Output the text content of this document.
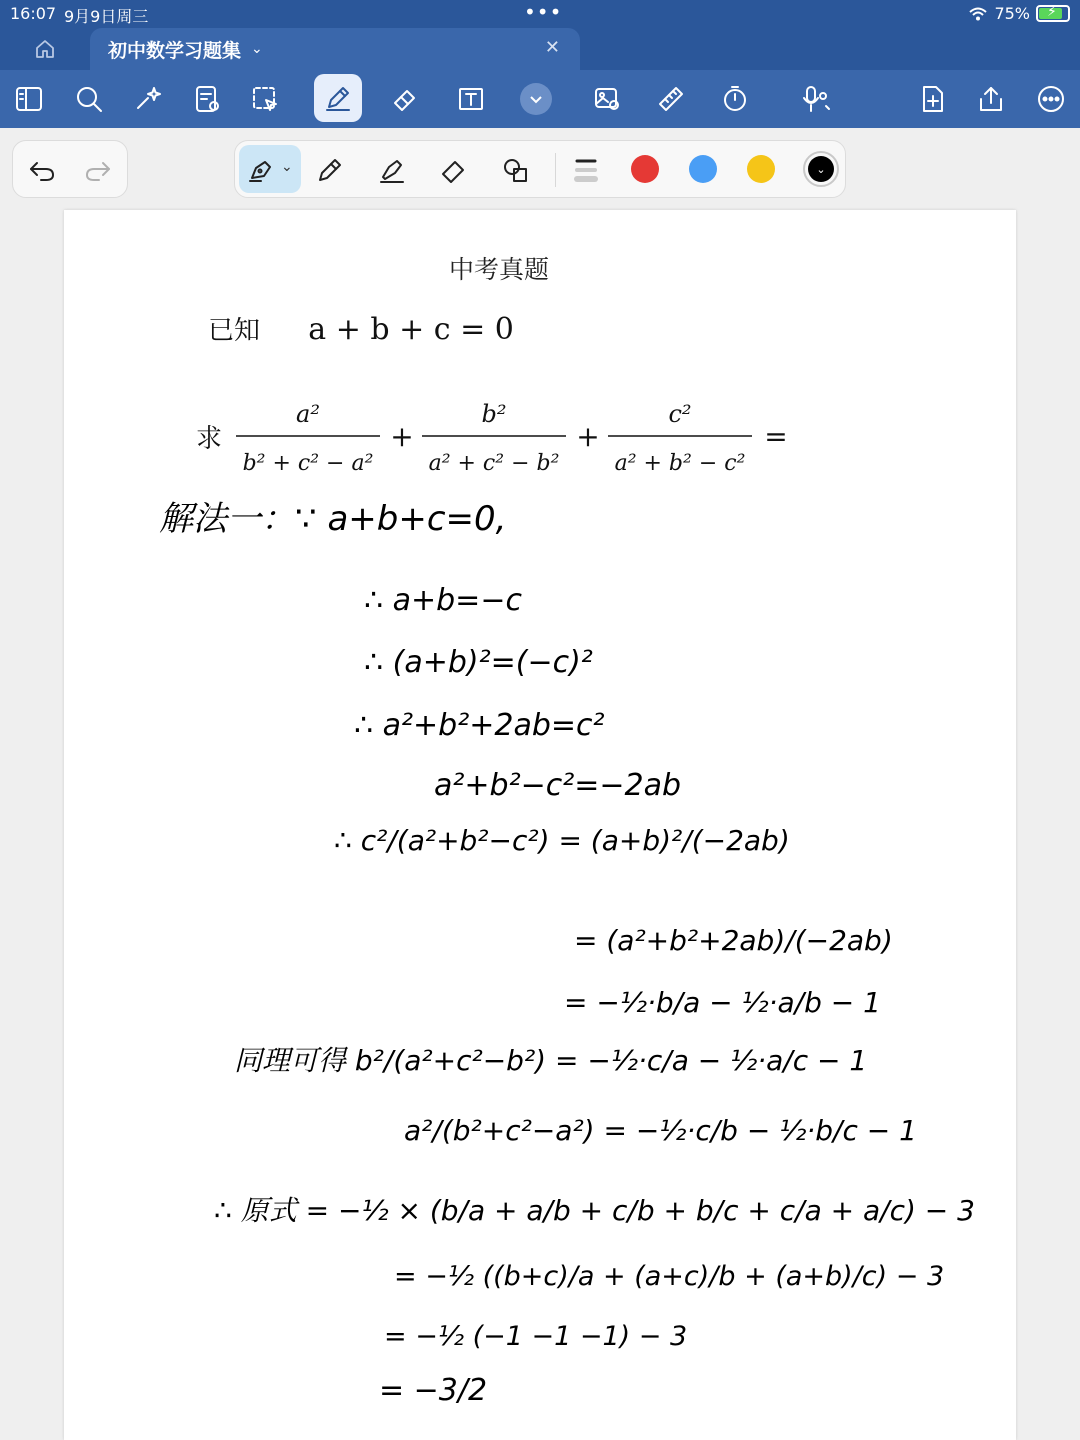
16:07 9月9日周三	•••	75% ⚡
初中数学习题集 ⌄	✕
⌄	⌄
中考真题
已知 a + b + c = 0
求
a²
b² + c² − a²
+
b²
a² + c² − b²
+
c²
a² + b² − c²
=
解法一：∵ a+b+c=0,
∴ a+b=−c
∴ (a+b)²=(−c)²
∴ a²+b²+2ab=c²
a²+b²−c²=−2ab
∴ c²/(a²+b²−c²) = (a+b)²/(−2ab)
= (a²+b²+2ab)/(−2ab)
= −½·b/a − ½·a/b − 1
同理可得 b²/(a²+c²−b²) = −½·c/a − ½·a/c − 1
a²/(b²+c²−a²) = −½·c/b − ½·b/c − 1
∴ 原式 = −½ × (b/a + a/b + c/b + b/c + c/a + a/c) − 3
= −½ ((b+c)/a + (a+c)/b + (a+b)/c) − 3
= −½ (−1 −1 −1) − 3
= −3/2
